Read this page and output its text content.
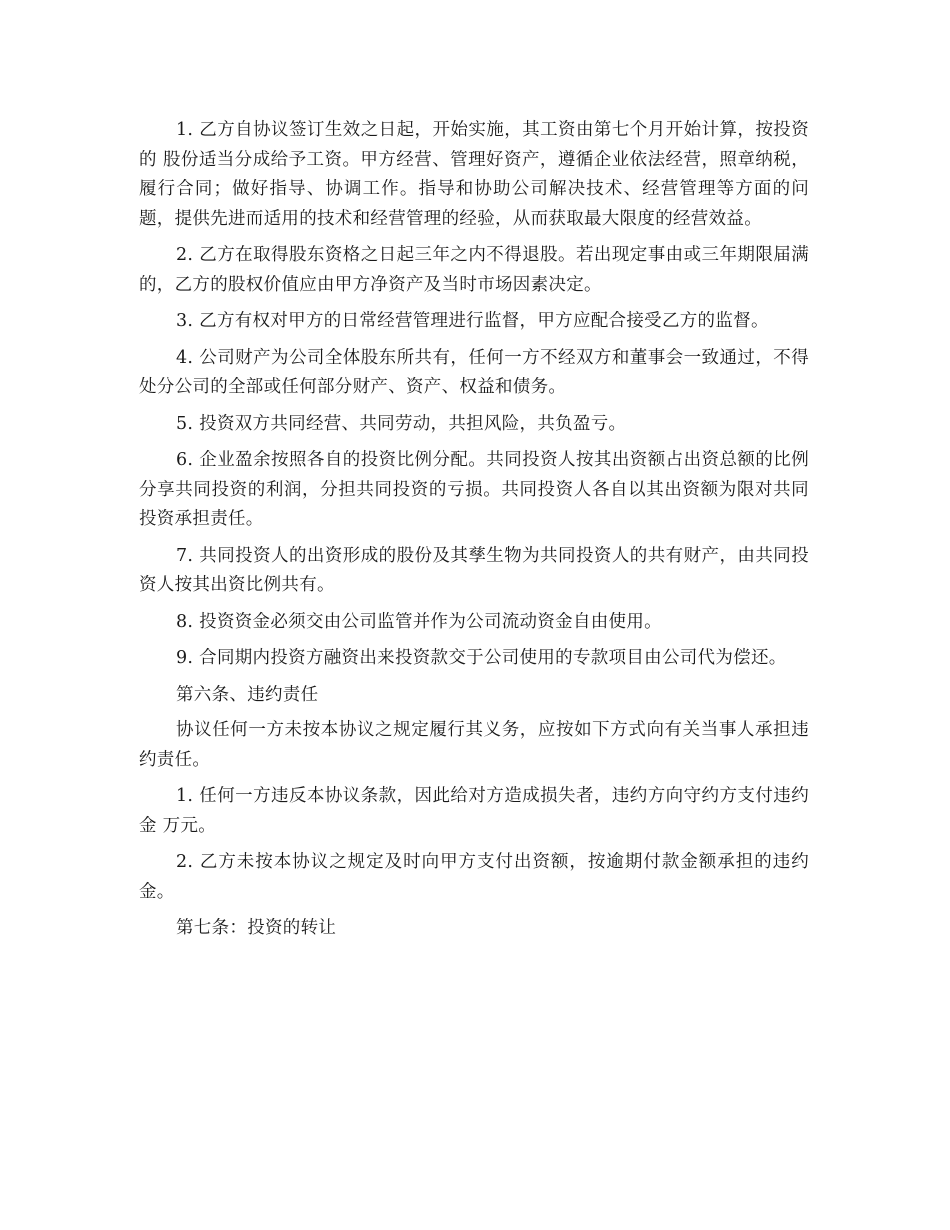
1. 乙方自协议签订生效之日起，开始实施，其工资由第七个月开始计算，按投资的 股份适当分成给予工资。甲方经营、管理好资产，遵循企业依法经营，照章纳税，履行合同；做好指导、协调工作。指导和协助公司解决技术、经营管理等方面的问题，提供先进而适用的技术和经营管理的经验，从而获取最大限度的经营效益。

2. 乙方在取得股东资格之日起三年之内不得退股。若出现定事由或三年期限届满的，乙方的股权价值应由甲方净资产及当时市场因素决定。

3. 乙方有权对甲方的日常经营管理进行监督，甲方应配合接受乙方的监督。

4. 公司财产为公司全体股东所共有，任何一方不经双方和董事会一致通过，不得处分公司的全部或任何部分财产、资产、权益和债务。

5. 投资双方共同经营、共同劳动，共担风险，共负盈亏。

6. 企业盈余按照各自的投资比例分配。共同投资人按其出资额占出资总额的比例分享共同投资的利润，分担共同投资的亏损。共同投资人各自以其出资额为限对共同投资承担责任。

7. 共同投资人的出资形成的股份及其孳生物为共同投资人的共有财产，由共同投资人按其出资比例共有。

8. 投资资金必须交由公司监管并作为公司流动资金自由使用。

9. 合同期内投资方融资出来投资款交于公司使用的专款项目由公司代为偿还。

第六条、违约责任

协议任何一方未按本协议之规定履行其义务，应按如下方式向有关当事人承担违约责任。

1. 任何一方违反本协议条款，因此给对方造成损失者，违约方向守约方支付违约金 万元。

2. 乙方未按本协议之规定及时向甲方支付出资额，按逾期付款金额承担的违约金。

第七条：投资的转让
